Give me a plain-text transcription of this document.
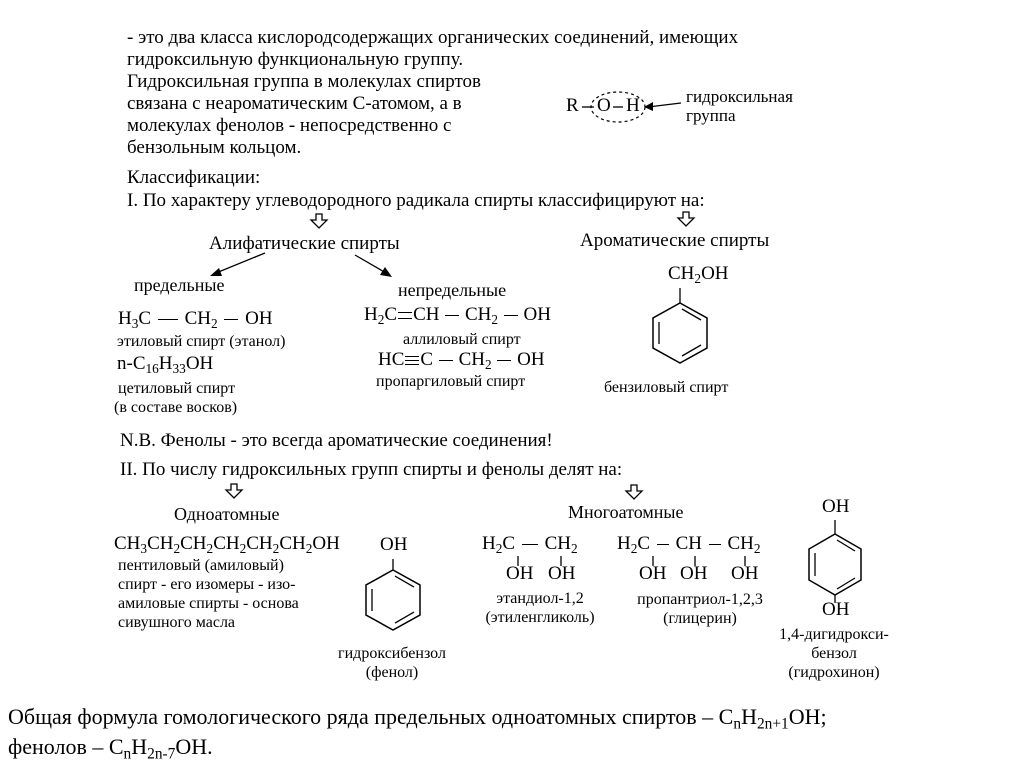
- это два класса кислородсодержащих органических соединений, имеющих
гидроксильную функциональную группу.
Гидроксильная группа в молекулах спиртов
связана с неароматическим С-атомом, а в
молекулах фенолов - непосредственно с
бензольным кольцом.
R O H	гидроксильная
группа
Классификации:
I. По характеру углеводородного радикала спирты классифицируют на:
Алифатические спирты	Ароматические спирты
предельные	непредельные
$H_3C$ $CH_2$ OH
этиловый спирт (этанол)
$n-C_{16}H_{33}OH$
цетиловый спирт
(в составе восков)
$H_2C$ CH $CH_2$ OH
аллиловый спирт
HC C $CH_2$ OH
пропаргиловый спирт
$CH_2OH$
бензиловый спирт
N.B. Фенолы - это всегда ароматические соединения!
II. По числу гидроксильных групп спирты и фенолы делят на:
Одноатомные	Многоатомные
$CH_3CH_2CH_2CH_2CH_2CH_2OH$
пентиловый (амиловый)
спирт - его изомеры - изо-
амиловые спирты - основа
сивушного масла
OH
гидроксибензол
(фенол)
$H_2C$ $CH_2$
OH OH
этандиол-1,2
(этиленгликоль)
$H_2C$ CH $CH_2$
OH OH OH
пропантриол-1,2,3
(глицерин)
OH
OH
1,4-дигидрокси-
бензол
(гидрохинон)
Общая формула гомологического ряда предельных одноатомных спиртов – $C_nH_{2n+1}OH$;
фенолов – $C_nH_{2n-7}OH$.
